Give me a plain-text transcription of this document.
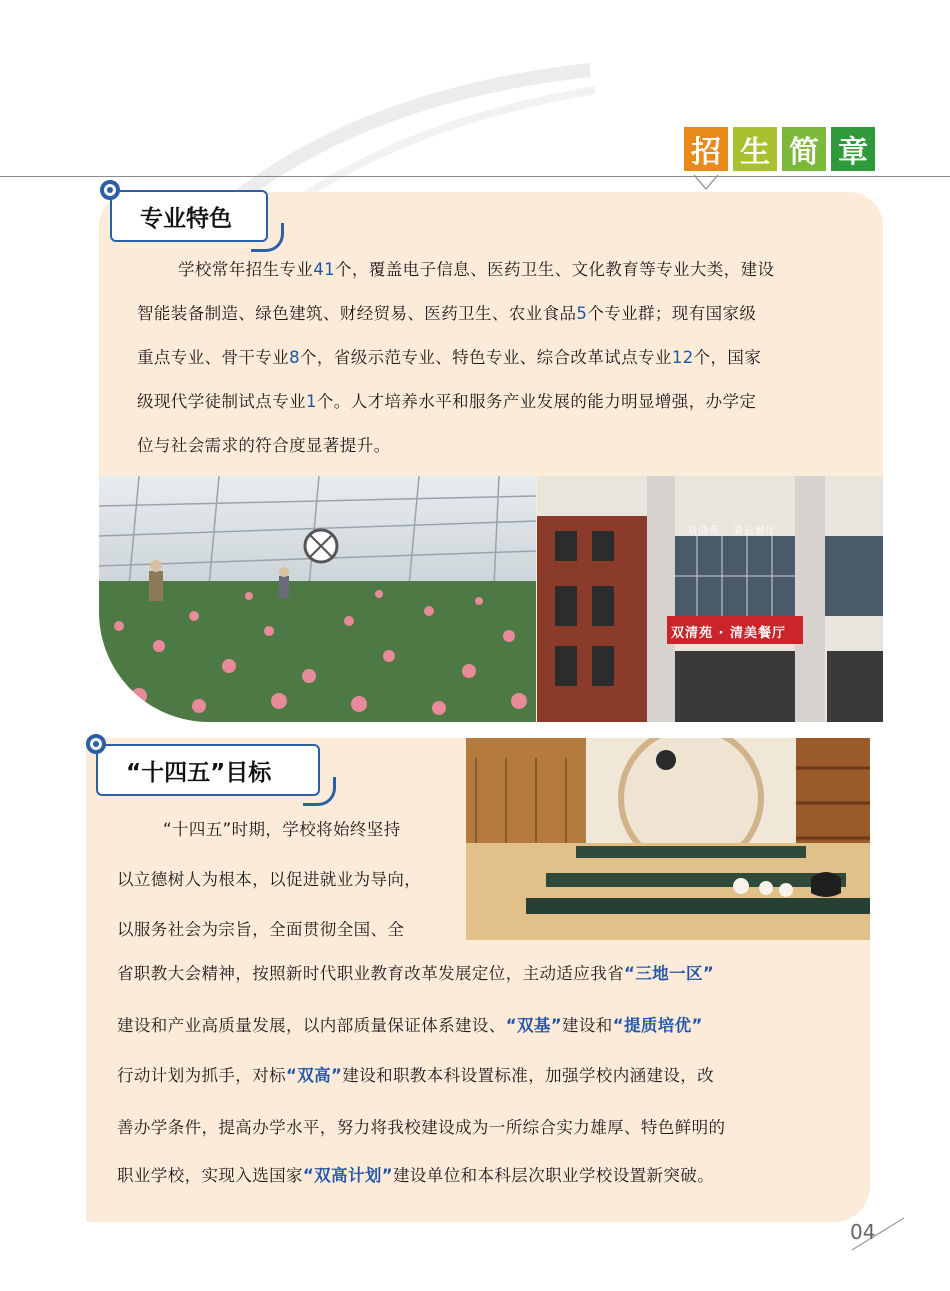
招 生 简 章
双清苑 · 清云餐厅
双清苑 · 清美餐厅
专业特色
学校常年招生专业41个，覆盖电子信息、医药卫生、文化教育等专业大类，建设
智能装备制造、绿色建筑、财经贸易、医药卫生、农业食品5个专业群；现有国家级
重点专业、骨干专业8个，省级示范专业、特色专业、综合改革试点专业12个，国家
级现代学徒制试点专业1个。人才培养水平和服务产业发展的能力明显增强，办学定
位与社会需求的符合度显著提升。
“十四五”目标
“十四五”时期，学校将始终坚持
以立德树人为根本，以促进就业为导向，
以服务社会为宗旨，全面贯彻全国、全
省职教大会精神，按照新时代职业教育改革发展定位，主动适应我省“三地一区”
建设和产业高质量发展，以内部质量保证体系建设、“双基”建设和“提质培优”
行动计划为抓手，对标“双高”建设和职教本科设置标准，加强学校内涵建设，改
善办学条件，提高办学水平，努力将我校建设成为一所综合实力雄厚、特色鲜明的
职业学校，实现入选国家“双高计划”建设单位和本科层次职业学校设置新突破。
04
